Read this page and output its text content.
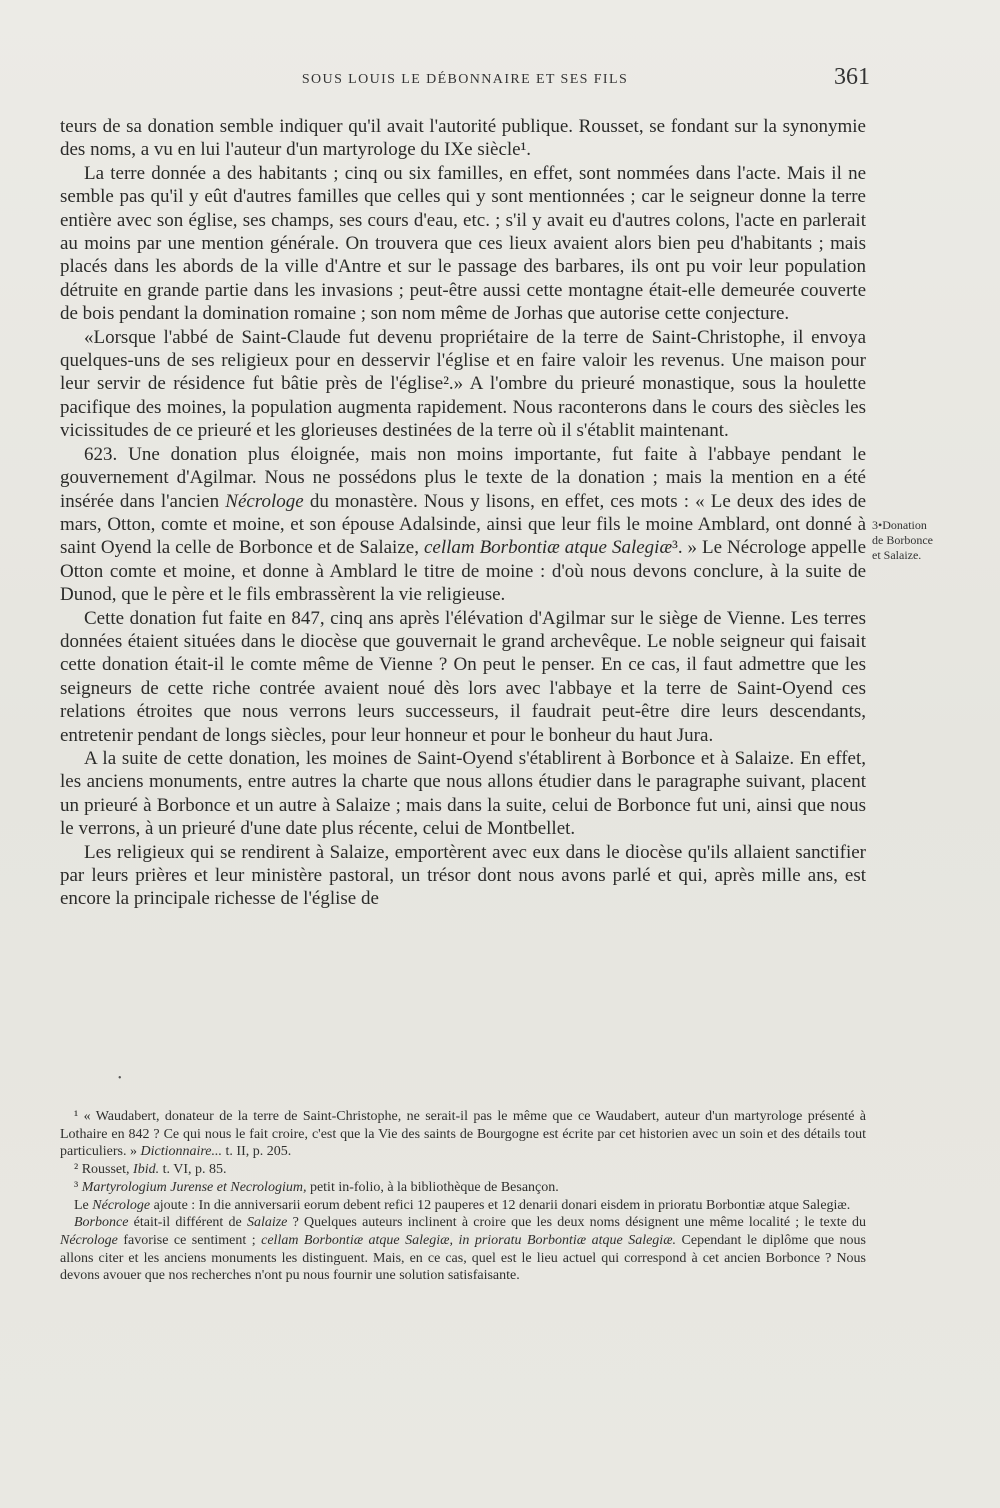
SOUS LOUIS LE DÉBONNAIRE ET SES FILS	361

teurs de sa donation semble indiquer qu'il avait l'autorité publique. Rousset, se fondant sur la synonymie des noms, a vu en lui l'auteur d'un martyrologe du IXe siècle¹.

La terre donnée a des habitants ; cinq ou six familles, en effet, sont nommées dans l'acte. Mais il ne semble pas qu'il y eût d'autres familles que celles qui y sont mentionnées ; car le seigneur donne la terre entière avec son église, ses champs, ses cours d'eau, etc. ; s'il y avait eu d'autres colons, l'acte en parlerait au moins par une mention générale. On trouvera que ces lieux avaient alors bien peu d'habitants ; mais placés dans les abords de la ville d'Antre et sur le passage des barbares, ils ont pu voir leur population détruite en grande partie dans les invasions ; peut-être aussi cette montagne était-elle demeurée couverte de bois pendant la domination romaine ; son nom même de Jorhas que autorise cette conjecture.

«Lorsque l'abbé de Saint-Claude fut devenu propriétaire de la terre de Saint-Christophe, il envoya quelques-uns de ses religieux pour en desservir l'église et en faire valoir les revenus. Une maison pour leur servir de résidence fut bâtie près de l'église².» A l'ombre du prieuré monastique, sous la houlette pacifique des moines, la population augmenta rapidement. Nous raconterons dans le cours des siècles les vicissitudes de ce prieuré et les glorieuses destinées de la terre où il s'établit maintenant.

623. Une donation plus éloignée, mais non moins importante, fut faite à l'abbaye pendant le gouvernement d'Agilmar. Nous ne possédons plus le texte de la donation ; mais la mention en a été insérée dans l'ancien Nécrologe du monastère. Nous y lisons, en effet, ces mots : « Le deux des ides de mars, Otton, comte et moine, et son épouse Adalsinde, ainsi que leur fils le moine Amblard, ont donné à saint Oyend la celle de Borbonce et de Salaize, cellam Borbontiæ atque Salegiæ³. » Le Nécrologe appelle Otton comte et moine, et donne à Amblard le titre de moine : d'où nous devons conclure, à la suite de Dunod, que le père et le fils embrassèrent la vie religieuse.

Cette donation fut faite en 847, cinq ans après l'élévation d'Agilmar sur le siège de Vienne. Les terres données étaient situées dans le diocèse que gouvernait le grand archevêque. Le noble seigneur qui faisait cette donation était-il le comte même de Vienne ? On peut le penser. En ce cas, il faut admettre que les seigneurs de cette riche contrée avaient noué dès lors avec l'abbaye et la terre de Saint-Oyend ces relations étroites que nous verrons leurs successeurs, il faudrait peut-être dire leurs descendants, entretenir pendant de longs siècles, pour leur honneur et pour le bonheur du haut Jura.

A la suite de cette donation, les moines de Saint-Oyend s'établirent à Borbonce et à Salaize. En effet, les anciens monuments, entre autres la charte que nous allons étudier dans le paragraphe suivant, placent un prieuré à Borbonce et un autre à Salaize ; mais dans la suite, celui de Borbonce fut uni, ainsi que nous le verrons, à un prieuré d'une date plus récente, celui de Montbellet.

Les religieux qui se rendirent à Salaize, emportèrent avec eux dans le diocèse qu'ils allaient sanctifier par leurs prières et leur ministère pastoral, un trésor dont nous avons parlé et qui, après mille ans, est encore la principale richesse de l'église de

3•Donation
de Borbonce
et Salaize.
•

¹ « Waudabert, donateur de la terre de Saint-Christophe, ne serait-il pas le même que ce Waudabert, auteur d'un martyrologe présenté à Lothaire en 842 ? Ce qui nous le fait croire, c'est que la Vie des saints de Bourgogne est écrite par cet historien avec un soin et des détails tout particuliers. » Dictionnaire... t. II, p. 205.

² Rousset, Ibid. t. VI, p. 85.

³ Martyrologium Jurense et Necrologium, petit in-folio, à la bibliothèque de Besançon.

Le Nécrologe ajoute : In die anniversarii eorum debent refici 12 pauperes et 12 denarii donari eisdem in prioratu Borbontiæ atque Salegiæ.

Borbonce était-il différent de Salaize ? Quelques auteurs inclinent à croire que les deux noms désignent une même localité ; le texte du Nécrologe favorise ce sentiment ; cellam Borbontiæ atque Salegiæ, in prioratu Borbontiæ atque Salegiæ. Cependant le diplôme que nous allons citer et les anciens monuments les distinguent. Mais, en ce cas, quel est le lieu actuel qui correspond à cet ancien Borbonce ? Nous devons avouer que nos recherches n'ont pu nous fournir une solution satisfaisante.
